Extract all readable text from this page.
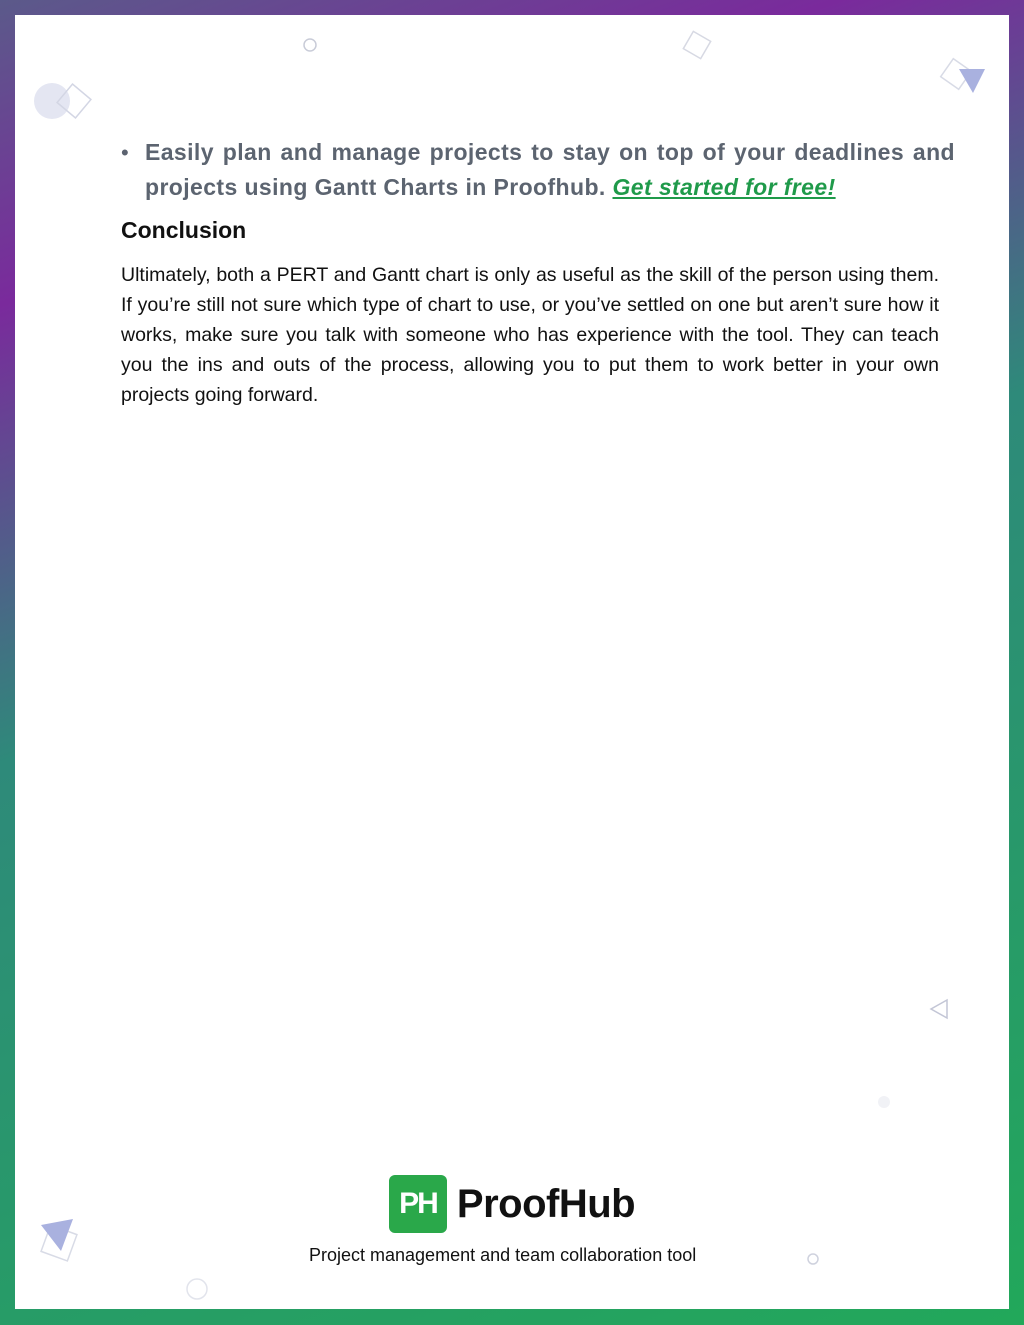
• Easily plan and manage projects to stay on top of your deadlines and projects using Gantt Charts in Proofhub. Get started for free!
Conclusion
Ultimately, both a PERT and Gantt chart is only as useful as the skill of the person using them. If you’re still not sure which type of chart to use, or you’ve settled on one but aren’t sure how it works, make sure you talk with someone who has experience with the tool. They can teach you the ins and outs of the process, allowing you to put them to work better in your own projects going forward.
PH ProofHub
Project management and team collaboration tool
